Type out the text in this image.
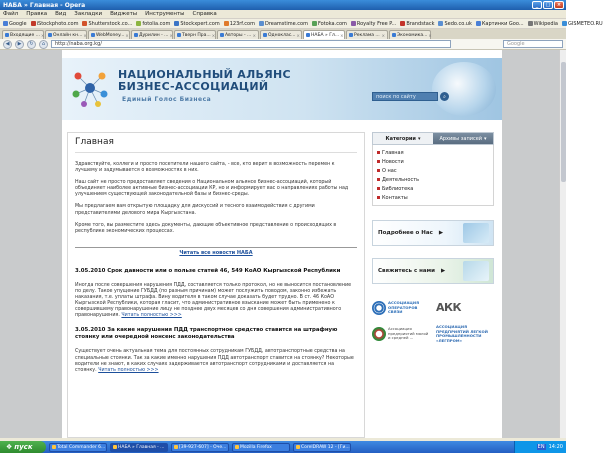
НАБА » Главная - Opera	_	□	×
Файл Правка Вид Закладки Виджеты Инструменты Справка
Google iStockphoto.com Shutterstock.co... fotolia.com Stockxpert.com 123rf.com Dreamstime.com Fotoka.com Royalty Free P... Brandstack Sedo.co.uk Картинки Goo... Wikipedia GISMETEO.RU
Входящие ... × Онлайн кн... × WebMoney... × Дурилин - ... × Тверн Пра... × Авторы - ... ×	Одноклас... × НАБА » Гл... × Реклама ... ×	Экономика... ×
◀	▶	↻	⌂	http://naba.org.kg/	Google
НАЦИОНАЛЬНЫЙ АЛЬЯНС
БИЗНЕС-АССОЦИАЦИЙ
Единый Голос Бизнеса	поиск по сайту	⌕
Главная

Здравствуйте, коллеги и просто посетители нашего сайта, - все, кто верит в возможность перемен к лучшему и задумывается о возможностях в них.

Наш сайт не просто предоставляет сведения о Национальном альянсе бизнес-ассоциаций, который объединяет наиболее активные бизнес-ассоциации КР, но и информирует вас о направлениях работы над улучшением существующей законодательной базы и бизнес-среды.

Мы предлагаем вам открытую площадку для дискуссий и тесного взаимодействия с другими представителями делового мира Кыргызстана.

Кроме того, вы разместите здесь документы, дающие объективное представление о происходящих в республике экономических процессах.

Читать все новости НАБА
3.05.2010 Срок давности или о пользе статей 46, 549 КоАО Кыргызской Республики
Иногда после совершения нарушения ПДД, составляется только протокол, но не выносится постановление по делу. Такое упущение ГУБДД (по разным причинам) может послужить поводом, законно избежать наказания, т.е. уплаты штрафа. Вину водителя в таком случае доказать будет трудно. В ст. 46 КоАО Кыргызской Республики, которая гласит, что административное взыскание может быть применено к совершившему правонарушение лицу не позднее двух месяцев со дня совершения административного правонарушения. Читать полностью >>>
3.05.2010 За какие нарушения ПДД транспортное средство ставится на штрафную стоянку или очередной нонсенс законодательства
Существует очень актуальная тема для постоянных сотрудникам ГУБДД, автотранспортные средства на специальные стоянки. Так за какие именно нарушения ПДД автотранспорт ставится на стоянку? Некоторые водители не знают, в каких случаях задерживается автотранспорт сотрудниками и доставляется на стоянку. Читать полностью >>>
Категории ▾	Архивы записей ▾
Главная
Новости
О нас
Деятельность
Библиотека
Контакты
Подробнее о Нас ▶
Свяжитесь с нами ▶
АССОЦИАЦИЯ ОПЕРАТОРОВ СВЯЗИ	АКК
Ассоциация предприятий малой и средней ...
АССОЦИАЦИЯ ПРЕДПРИЯТИЙ ЛЕГКОЙ ПРОМЫШЛЕННОСТИ «ЛЕГПРОМ»
❖ пуск	Total Commander 6...	НАБА » Главная - ...	[39-927-607] - Оче...	Mozilla Firefox	CorelDRAW 12 - [Ги...	EN 14:20
